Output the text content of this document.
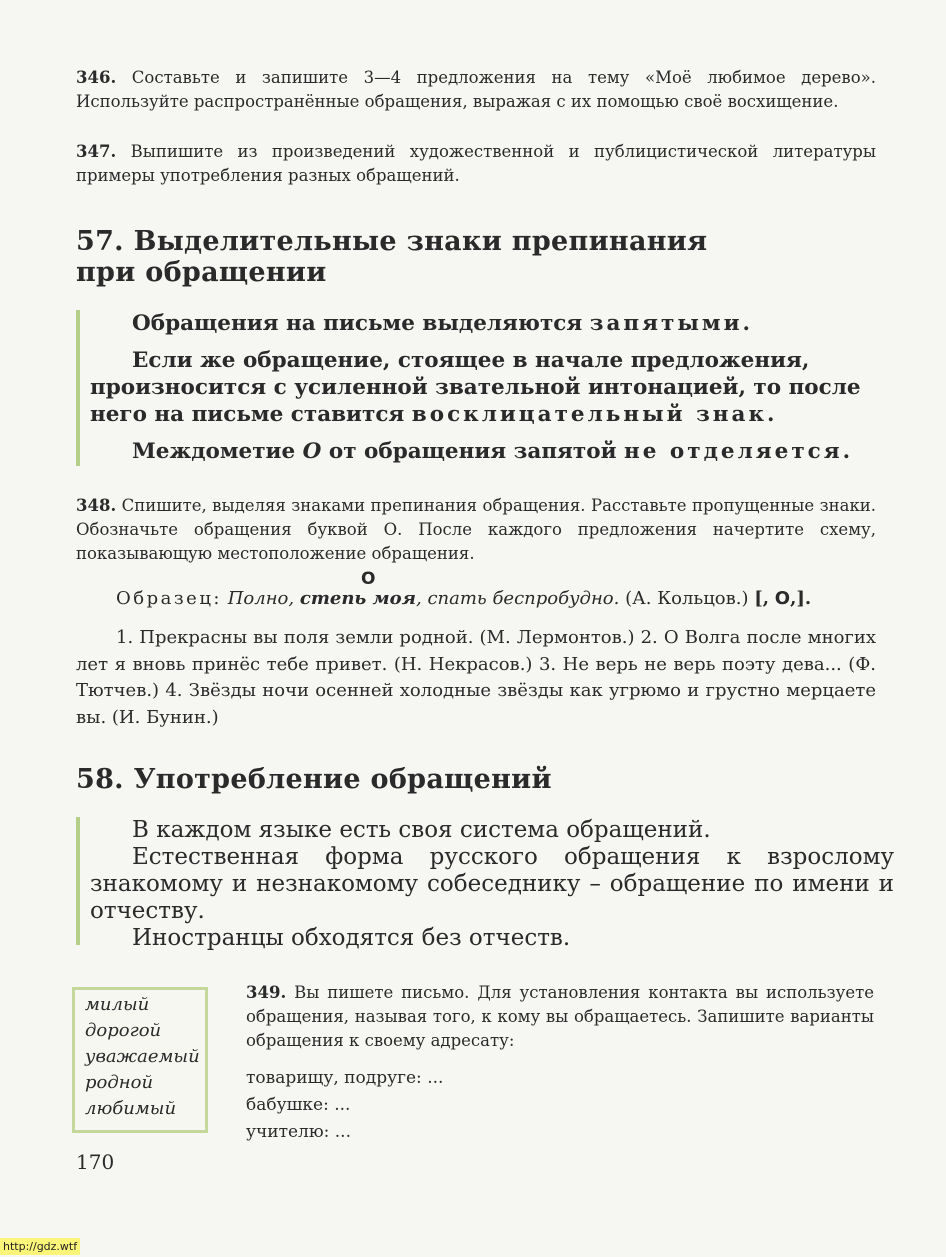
346. Составьте и запишите 3—4 предложения на тему «Моё любимое дерево». Используйте распространённые обращения, выражая с их помощью своё восхищение.
347. Выпишите из произведений художественной и публицистической литературы примеры употребления разных обращений.
57. Выделительные знаки препинания
при обращении

Обращения на письме выделяются запятыми.

Если же обращение, стоящее в начале предложения, произносится с усиленной звательной интонацией, то после него на письме ставится восклицательный знак.

Междометие О от обращения запятой не отделяется.

348. Спишите, выделяя знаками препинания обращения. Расставьте пропущенные знаки. Обозначьте обращения буквой О. После каждого предложения начертите схему, показывающую местоположение обращения.
О
Образец: Полно, степь моя, спать беспробудно. (А. Кольцов.) [, О,].
1. Прекрасны вы поля земли родной. (М. Лермонтов.) 2. О Волга после многих лет я вновь принёс тебе привет. (Н. Некрасов.) 3. Не верь не верь поэту дева... (Ф. Тютчев.) 4. Звёзды ночи осенней холодные звёзды как угрюмо и грустно мерцаете вы. (И. Бунин.)
58. Употребление обращений

В каждом языке есть своя система обращений.

Естественная форма русского обращения к взрослому знакомому и незнакомому собеседнику – обращение по имени и отчеству.

Иностранцы обходятся без отчеств.

милый
дорогой
уважаемый
родной
любимый
349. Вы пишете письмо. Для установления контакта вы используете обращения, называя того, к кому вы обращаетесь. Запишите варианты обращения к своему адресату:
товарищу, подруге: ...
бабушке: ...
учителю: ...
170
http://gdz.wtf
